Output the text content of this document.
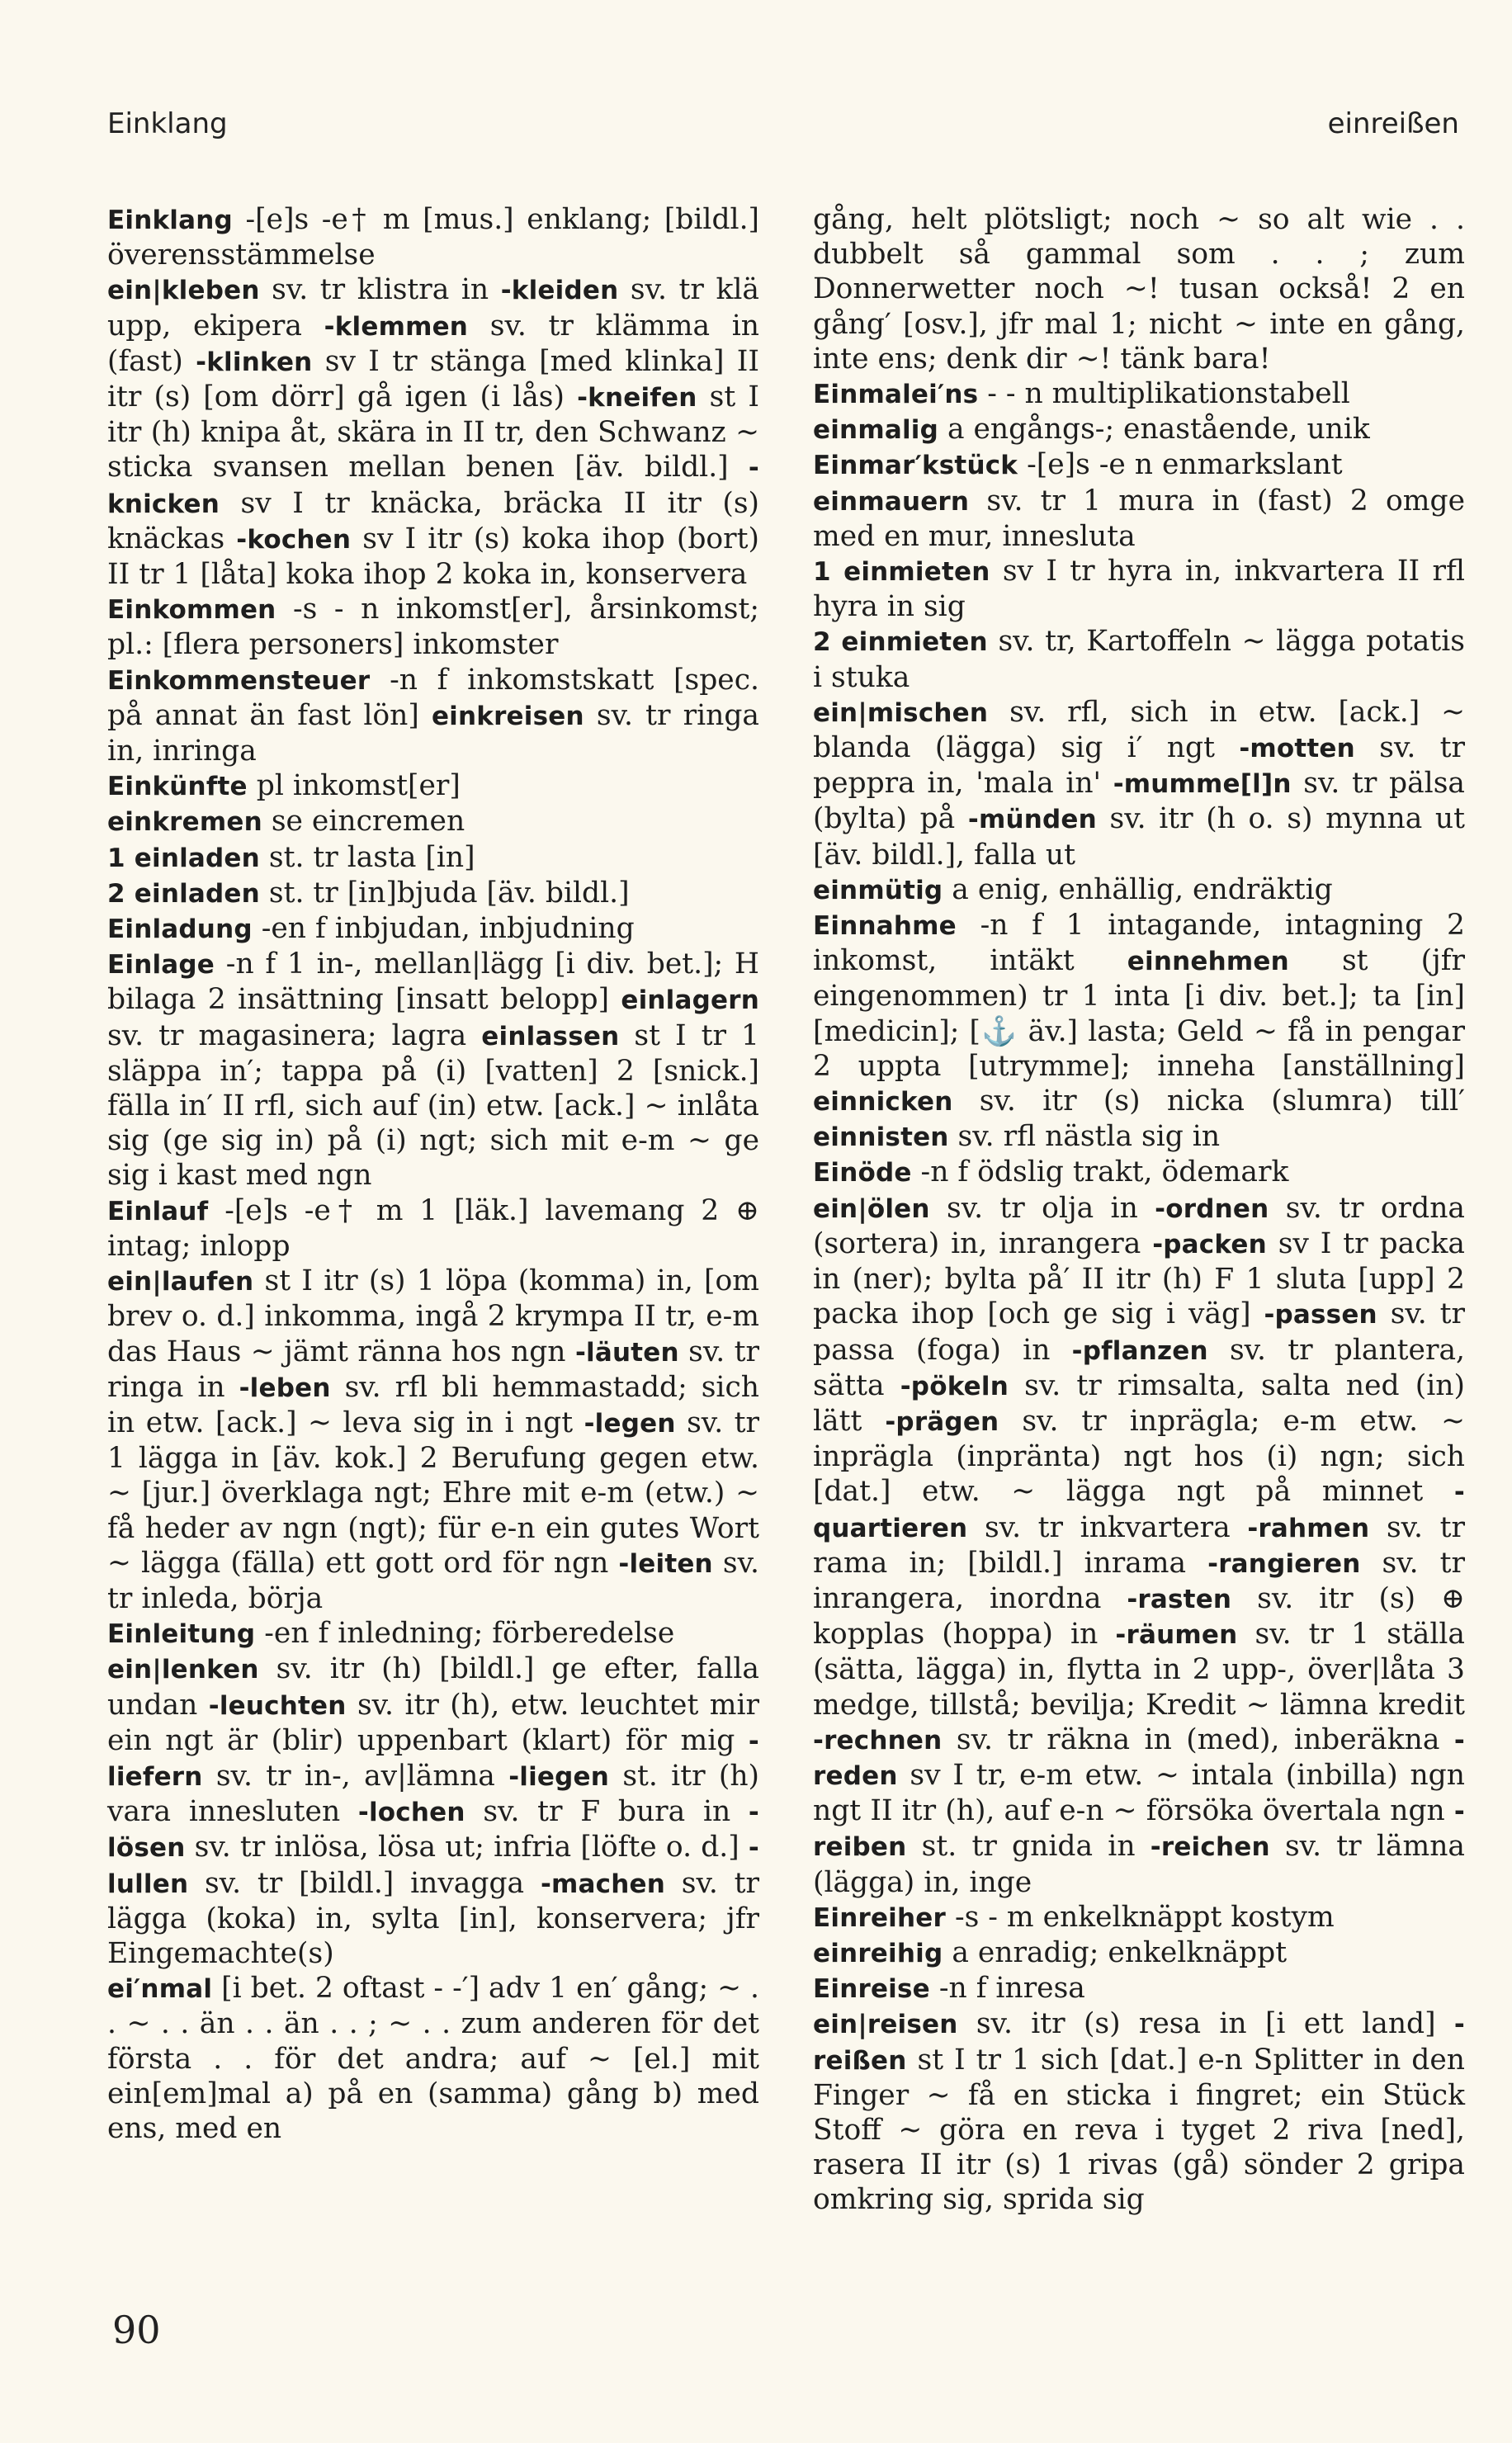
Einklang	einreißen

Einklang -[e]s -e† m [mus.] enklang; [bildl.] överensstämmelse

ein|kleben sv. tr klistra in -kleiden sv. tr klä upp, ekipera -klemmen sv. tr klämma in (fast) -klinken sv I tr stänga [med klinka] II itr (s) [om dörr] gå igen (i lås) -kneifen st I itr (h) knipa åt, skära in II tr, den Schwanz ~ sticka svansen mellan benen [äv. bildl.] -knicken sv I tr knäcka, bräcka II itr (s) knäckas -kochen sv I itr (s) koka ihop (bort) II tr 1 [låta] koka ihop 2 koka in, konservera

Einkommen -s - n inkomst[er], årsinkomst; pl.: [flera personers] inkomster

Einkommensteuer -n f inkomstskatt [spec. på annat än fast lön] einkreisen sv. tr ringa in, inringa

Einkünfte pl inkomst[er]

einkremen se eincremen

1 einladen st. tr lasta [in]

2 einladen st. tr [in]bjuda [äv. bildl.]

Einladung -en f inbjudan, inbjudning

Einlage -n f 1 in-, mellan|lägg [i div. bet.]; H bilaga 2 insättning [insatt belopp] einlagern sv. tr magasinera; lagra einlassen st I tr 1 släppa in′; tappa på (i) [vatten] 2 [snick.] fälla in′ II rfl, sich auf (in) etw. [ack.] ~ inlåta sig (ge sig in) på (i) ngt; sich mit e-m ~ ge sig i kast med ngn

Einlauf -[e]s -e† m 1 [läk.] lavemang 2 ⊕ intag; inlopp

ein|laufen st I itr (s) 1 löpa (komma) in, [om brev o. d.] inkomma, ingå 2 krympa II tr, e-m das Haus ~ jämt ränna hos ngn -läuten sv. tr ringa in -leben sv. rfl bli hemmastadd; sich in etw. [ack.] ~ leva sig in i ngt -legen sv. tr 1 lägga in [äv. kok.] 2 Berufung gegen etw. ~ [jur.] överklaga ngt; Ehre mit e-m (etw.) ~ få heder av ngn (ngt); für e-n ein gutes Wort ~ lägga (fälla) ett gott ord för ngn -leiten sv. tr inleda, börja

Einleitung -en f inledning; förberedelse

ein|lenken sv. itr (h) [bildl.] ge efter, falla undan -leuchten sv. itr (h), etw. leuchtet mir ein ngt är (blir) uppenbart (klart) för mig -liefern sv. tr in-, av|lämna -liegen st. itr (h) vara innesluten -lochen sv. tr F bura in -lösen sv. tr inlösa, lösa ut; infria [löfte o. d.] -lullen sv. tr [bildl.] invagga -machen sv. tr lägga (koka) in, sylta [in], konservera; jfr Eingemachte(s)

ei′nmal [i bet. 2 oftast - -′] adv 1 en′ gång; ~ . . ~ . . än . . än . . ; ~ . . zum anderen för det första . . för det andra; auf ~ [el.] mit ein[em]mal a) på en (samma) gång b) med ens, med en

gång, helt plötsligt; noch ~ so alt wie . . dubbelt så gammal som . . ; zum Donnerwetter noch ~! tusan också! 2 en gång′ [osv.], jfr mal 1; nicht ~ inte en gång, inte ens; denk dir ~! tänk bara!

Einmalei′ns - - n multiplikationstabell

einmalig a engångs-; enastående, unik

Einmar′kstück -[e]s -e n enmarkslant

einmauern sv. tr 1 mura in (fast) 2 omge med en mur, innesluta

1 einmieten sv I tr hyra in, inkvartera II rfl hyra in sig

2 einmieten sv. tr, Kartoffeln ~ lägga potatis i stuka

ein|mischen sv. rfl, sich in etw. [ack.] ~ blanda (lägga) sig i′ ngt -motten sv. tr peppra in, 'mala in' -mumme[l]n sv. tr pälsa (bylta) på -münden sv. itr (h o. s) mynna ut [äv. bildl.], falla ut

einmütig a enig, enhällig, endräktig

Einnahme -n f 1 intagande, intagning 2 inkomst, intäkt einnehmen st (jfr eingenommen) tr 1 inta [i div. bet.]; ta [in] [medicin]; [⚓ äv.] lasta; Geld ~ få in pengar 2 uppta [utrymme]; inneha [anställning] einnicken sv. itr (s) nicka (slumra) till′ einnisten sv. rfl nästla sig in

Einöde -n f ödslig trakt, ödemark

ein|ölen sv. tr olja in -ordnen sv. tr ordna (sortera) in, inrangera -packen sv I tr packa in (ner); bylta på′ II itr (h) F 1 sluta [upp] 2 packa ihop [och ge sig i väg] -passen sv. tr passa (foga) in -pflanzen sv. tr plantera, sätta -pökeln sv. tr rimsalta, salta ned (in) lätt -prägen sv. tr inprägla; e-m etw. ~ inprägla (inpränta) ngt hos (i) ngn; sich [dat.] etw. ~ lägga ngt på minnet -quartieren sv. tr inkvartera -rahmen sv. tr rama in; [bildl.] inrama -rangieren sv. tr inrangera, inordna -rasten sv. itr (s) ⊕ kopplas (hoppa) in -räumen sv. tr 1 ställa (sätta, lägga) in, flytta in 2 upp-, över|låta 3 medge, tillstå; bevilja; Kredit ~ lämna kredit -rechnen sv. tr räkna in (med), inberäkna -reden sv I tr, e-m etw. ~ intala (inbilla) ngn ngt II itr (h), auf e-n ~ försöka övertala ngn -reiben st. tr gnida in -reichen sv. tr lämna (lägga) in, inge

Einreiher -s - m enkelknäppt kostym

einreihig a enradig; enkelknäppt

Einreise -n f inresa

ein|reisen sv. itr (s) resa in [i ett land] -reißen st I tr 1 sich [dat.] e-n Splitter in den Finger ~ få en sticka i fingret; ein Stück Stoff ~ göra en reva i tyget 2 riva [ned], rasera II itr (s) 1 rivas (gå) sönder 2 gripa omkring sig, sprida sig

90
